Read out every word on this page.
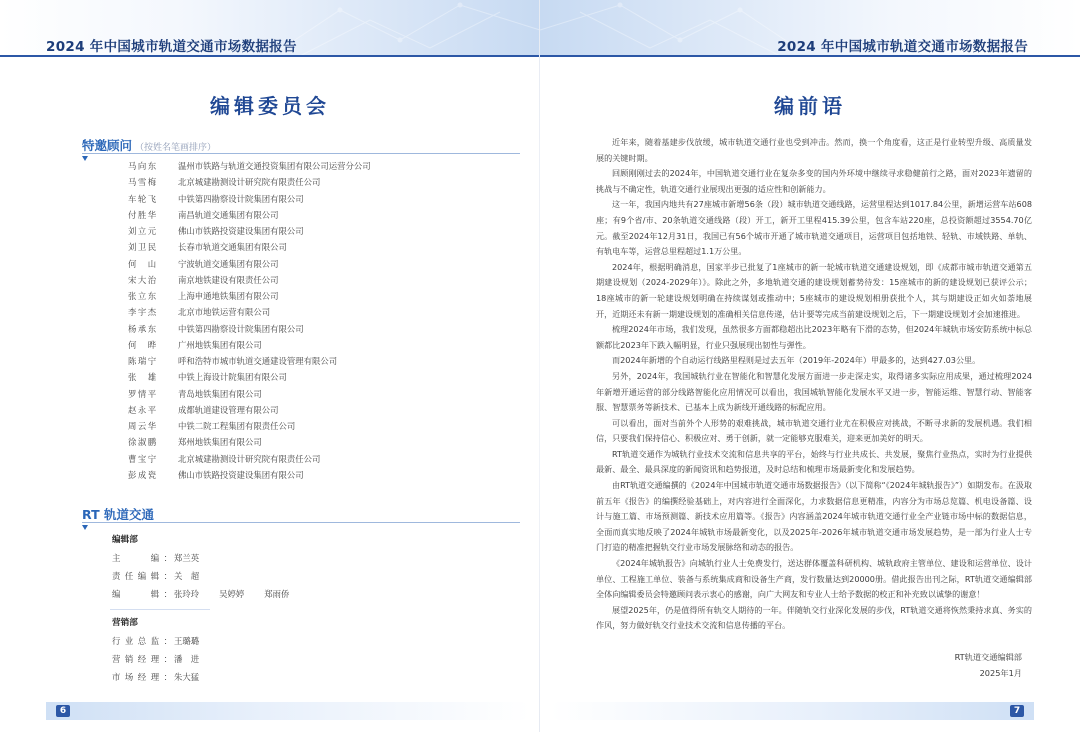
2024 年中国城市轨道交通市场数据报告
编辑委员会
特邀顾问 （按姓名笔画排序）
马向东 温州市铁路与轨道交通投资集团有限公司运营分公司
马雪梅 北京城建勘测设计研究院有限责任公司
车轮飞 中铁第四勘察设计院集团有限公司
付胜华 南昌轨道交通集团有限公司
刘立元 佛山市铁路投资建设集团有限公司
刘卫民 长春市轨道交通集团有限公司
何　山 宁波轨道交通集团有限公司
宋大治 南京地铁建设有限责任公司
张立东 上海申通地铁集团有限公司
李宇杰 北京市地铁运营有限公司
杨承东 中铁第四勘察设计院集团有限公司
何　晔 广州地铁集团有限公司
陈瑞宁 呼和浩特市城市轨道交通建设管理有限公司
张　雄 中铁上海设计院集团有限公司
罗情平 青岛地铁集团有限公司
赵永平 成都轨道建设管理有限公司
周云华 中铁二院工程集团有限责任公司
徐淑鹏 郑州地铁集团有限公司
曹宝宁 北京城建勘测设计研究院有限责任公司
彭成瓷 佛山市铁路投资建设集团有限公司
RT 轨道交通
编辑部
主　　编： 郑兰英
责任编辑： 关　超
编　　辑： 张玲玲 吴婷婷 郑雨侨
营销部
行业总监： 王璐璐
营销经理： 潘　进
市场经理： 朱大猛
6
2024 年中国城市轨道交通市场数据报告
编前语

近年来，随着基建步伐放缓，城市轨道交通行业也受到冲击。然而，换一个角度看，这正是行业转型升级、高质量发展的关键时期。

回顾刚刚过去的2024年，中国轨道交通行业在复杂多变的国内外环境中继续寻求稳健前行之路，面对2023年遗留的挑战与不确定性，轨道交通行业展现出更强的适应性和创新能力。

这一年，我国内地共有27座城市新增56条（段）城市轨道交通线路，运营里程达到1017.84公里，新增运营车站608座；有9个省/市、20条轨道交通线路（段）开工，新开工里程415.39公里，包含车站220座，总投资额超过3554.70亿元。截至2024年12月31日，我国已有56个城市开通了城市轨道交通项目，运营项目包括地铁、轻轨、市域铁路、单轨、有轨电车等，运营总里程超过1.1万公里。

2024年，根据明确消息，国家半步已批复了1座城市的新一轮城市轨道交通建设规划，即《成都市城市轨道交通第五期建设规划（2024-2029年）》。除此之外，多地轨道交通的建设规划蓄势待发：15座城市的新的建设规划已获评公示；18座城市的新一轮建设规划明确在持续谋划或推动中；5座城市的建设规划相册获批个人，其与期建设正如火如荼地展开，近期还未有新一期建设规划的准确相关信息传递，估计要等完成当前建设规划之后，下一期建设规划才会加速推进。

梳理2024年市场，我们发现，虽然很多方面都稳超出比2023年略有下滑的态势，但2024年城轨市场安防系统中标总额都比2023年下跌入幅明显，行业只强展现出韧性与弹性。

而2024年新增的个自动运行线路里程则是过去五年（2019年-2024年）甲最多的，达到427.03公里。

另外，2024年，我国城轨行业在智能化和智慧化发展方面进一步走深走实，取得诸多实际应用成果，通过梳理2024年新增开通运营的部分线路智能化应用情况可以看出，我国城轨智能化发展水平又进一步，智能运维、智慧行动、智能客服、智慧票务等新技术、已基本上成为新线开通线路的标配应用。

可以看出，面对当前外个人形势的艰难挑战，城市轨道交通行业尤在积极应对挑战，不断寻求新的发展机遇。我们相信，只要我们保持信心、积极应对、勇于创新，就一定能够克服难关，迎来更加美好的明天。

RT轨道交通作为城轨行业技术交流和信息共享的平台，始终与行业共成长、共发展，聚焦行业热点，实时为行业提供最新、最全、最具深度的新闻资讯和趋势报道，及时总结和梳理市场最新变化和发展趋势。

由RT轨道交通编撰的《2024年中国城市轨道交通市场数据报告》（以下简称“《2024年城轨报告》”）如期发布。在汲取前五年《报告》的编撰经验基础上，对内容进行全面深化，力求数据信息更精准，内容分为市场总览篇、机电设备篇、设计与施工篇、市场预测篇、新技术应用篇等。《报告》内容涵盖2024年城市轨道交通行业全产业链市场中标的数据信息，全面而真实地反映了2024年城轨市场最新变化，以及2025年-2026年城市轨道交通市场发展趋势，是一部为行业人士专门打造的精准把握轨交行业市场发展脉络和动态的报告。

《2024年城轨报告》向城轨行业人士免费发行，送达群体覆盖科研机构、城轨政府主管单位、建设和运营单位、设计单位、工程施工单位、装备与系统集成商和设备生产商，发行数量达到20000册。借此报告出刊之际，RT轨道交通编辑部全体向编辑委员会特邀顾问表示衷心的感谢，向广大网友和专业人士给予数据的校正和补充致以诚挚的谢意！

展望2025年，仍是值得所有轨交人期待的一年。伴随轨交行业深化发展的步伐，RT轨道交通将恢然秉持求真、务实的作风，努力做好轨交行业技术交流和信息传播的平台。

RT轨道交通编辑部
2025年1月
7
